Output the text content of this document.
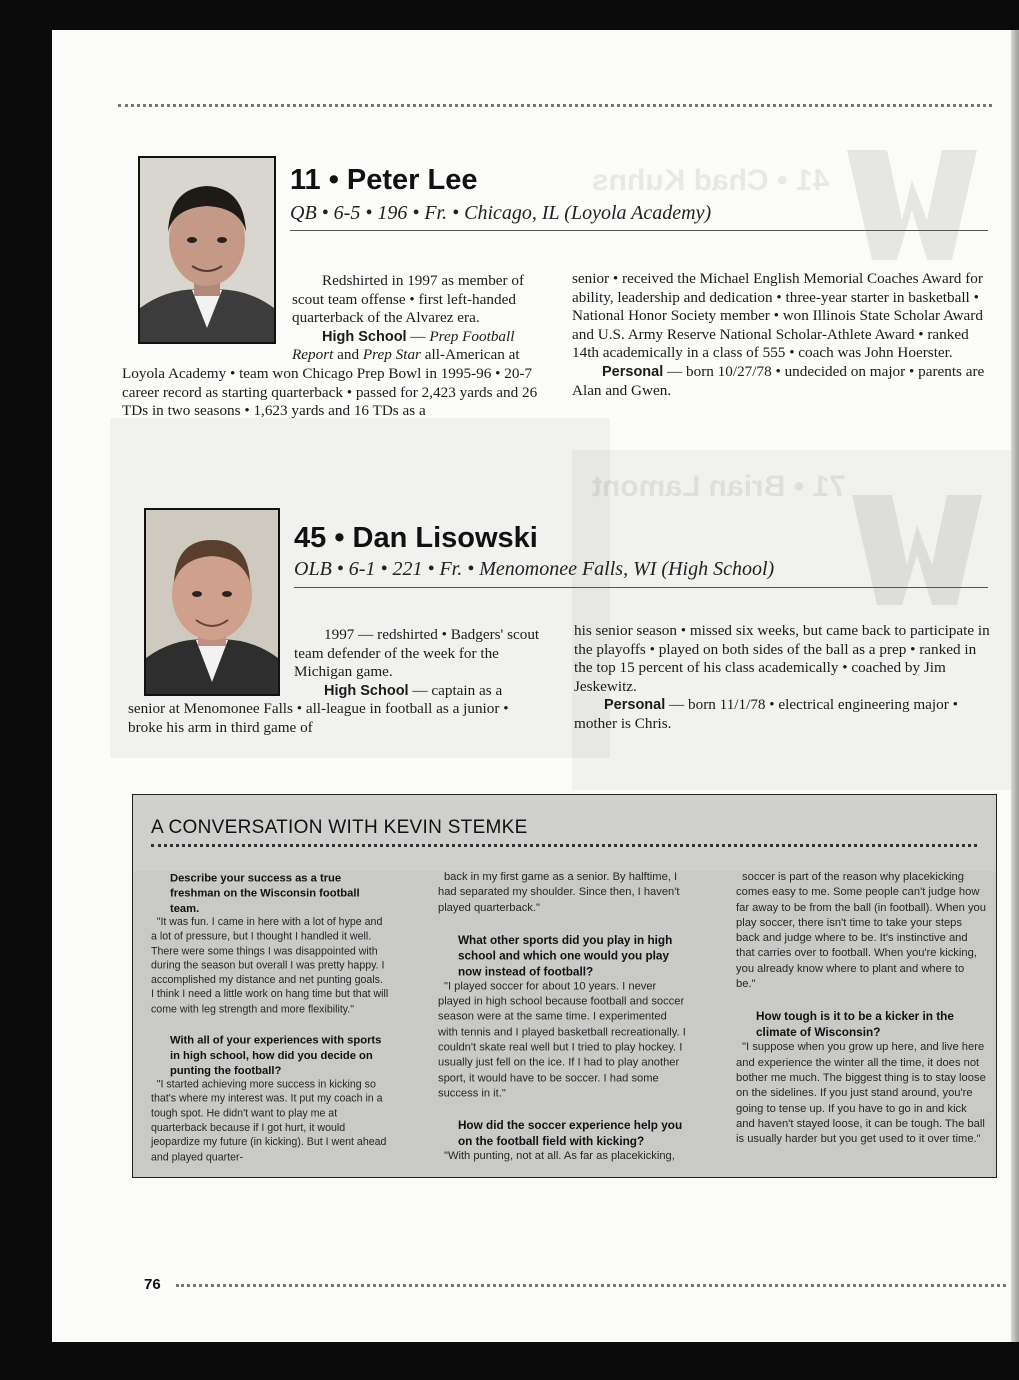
41 • Chad Kuhns
71 • Brian Lamont
11 • Peter Lee
QB • 6-5 • 196 • Fr. • Chicago, IL (Loyola Academy)

Redshirted in 1997 as member of scout team offense • first left-handed quarterback of the Alvarez era.

High School — Prep Football Report and Prep Star all-American at Loyola Academy • team won Chicago Prep Bowl in 1995-96 • 20-7 career record as starting quarterback • passed for 2,423 yards and 26 TDs in two seasons • 1,623 yards and 16 TDs as a

senior • received the Michael English Memorial Coaches Award for ability, leadership and dedication • three-year starter in basketball • National Honor Society member • won Illinois State Scholar Award and U.S. Army Reserve National Scholar-Athlete Award • ranked 14th academically in a class of 555 • coach was John Hoerster.

Personal — born 10/27/78 • undecided on major • parents are Alan and Gwen.

45 • Dan Lisowski
OLB • 6-1 • 221 • Fr. • Menomonee Falls, WI (High School)

1997 — redshirted • Badgers' scout team defender of the week for the Michigan game.

High School — captain as a senior at Menomonee Falls • all-league in football as a junior • broke his arm in third game of

his senior season • missed six weeks, but came back to participate in the playoffs • played on both sides of the ball as a prep • ranked in the top 15 percent of his class academically • coached by Jim Jeskewitz.

Personal — born 11/1/78 • electrical engineering major • mother is Chris.

A CONVERSATION WITH KEVIN STEMKE

Describe your success as a true freshman on the Wisconsin football team.

"It was fun. I came in here with a lot of hype and a lot of pressure, but I thought I handled it well. There were some things I was disappointed with during the season but overall I was pretty happy. I accomplished my distance and net punting goals. I think I need a little work on hang time but that will come with leg strength and more flexibility."

With all of your experiences with sports in high school, how did you decide on punting the football?

"I started achieving more success in kicking so that's where my interest was. It put my coach in a tough spot. He didn't want to play me at quarterback because if I got hurt, it would jeopardize my future (in kicking). But I went ahead and played quarter-

back in my first game as a senior. By halftime, I had separated my shoulder. Since then, I haven't played quarterback."

What other sports did you play in high school and which one would you play now instead of football?

"I played soccer for about 10 years. I never played in high school because football and soccer season were at the same time. I experimented with tennis and I played basketball recreationally. I couldn't skate real well but I tried to play hockey. I usually just fell on the ice. If I had to play another sport, it would have to be soccer. I had some success in it."

How did the soccer experience help you on the football field with kicking?

"With punting, not at all. As far as placekicking,

soccer is part of the reason why placekicking comes easy to me. Some people can't judge how far away to be from the ball (in football). When you play soccer, there isn't time to take your steps back and judge where to be. It's instinctive and that carries over to football. When you're kicking, you already know where to plant and where to be."

How tough is it to be a kicker in the climate of Wisconsin?

"I suppose when you grow up here, and live here and experience the winter all the time, it does not bother me much. The biggest thing is to stay loose on the sidelines. If you just stand around, you're going to tense up. If you have to go in and kick and haven't stayed loose, it can be tough. The ball is usually harder but you get used to it over time."

76
